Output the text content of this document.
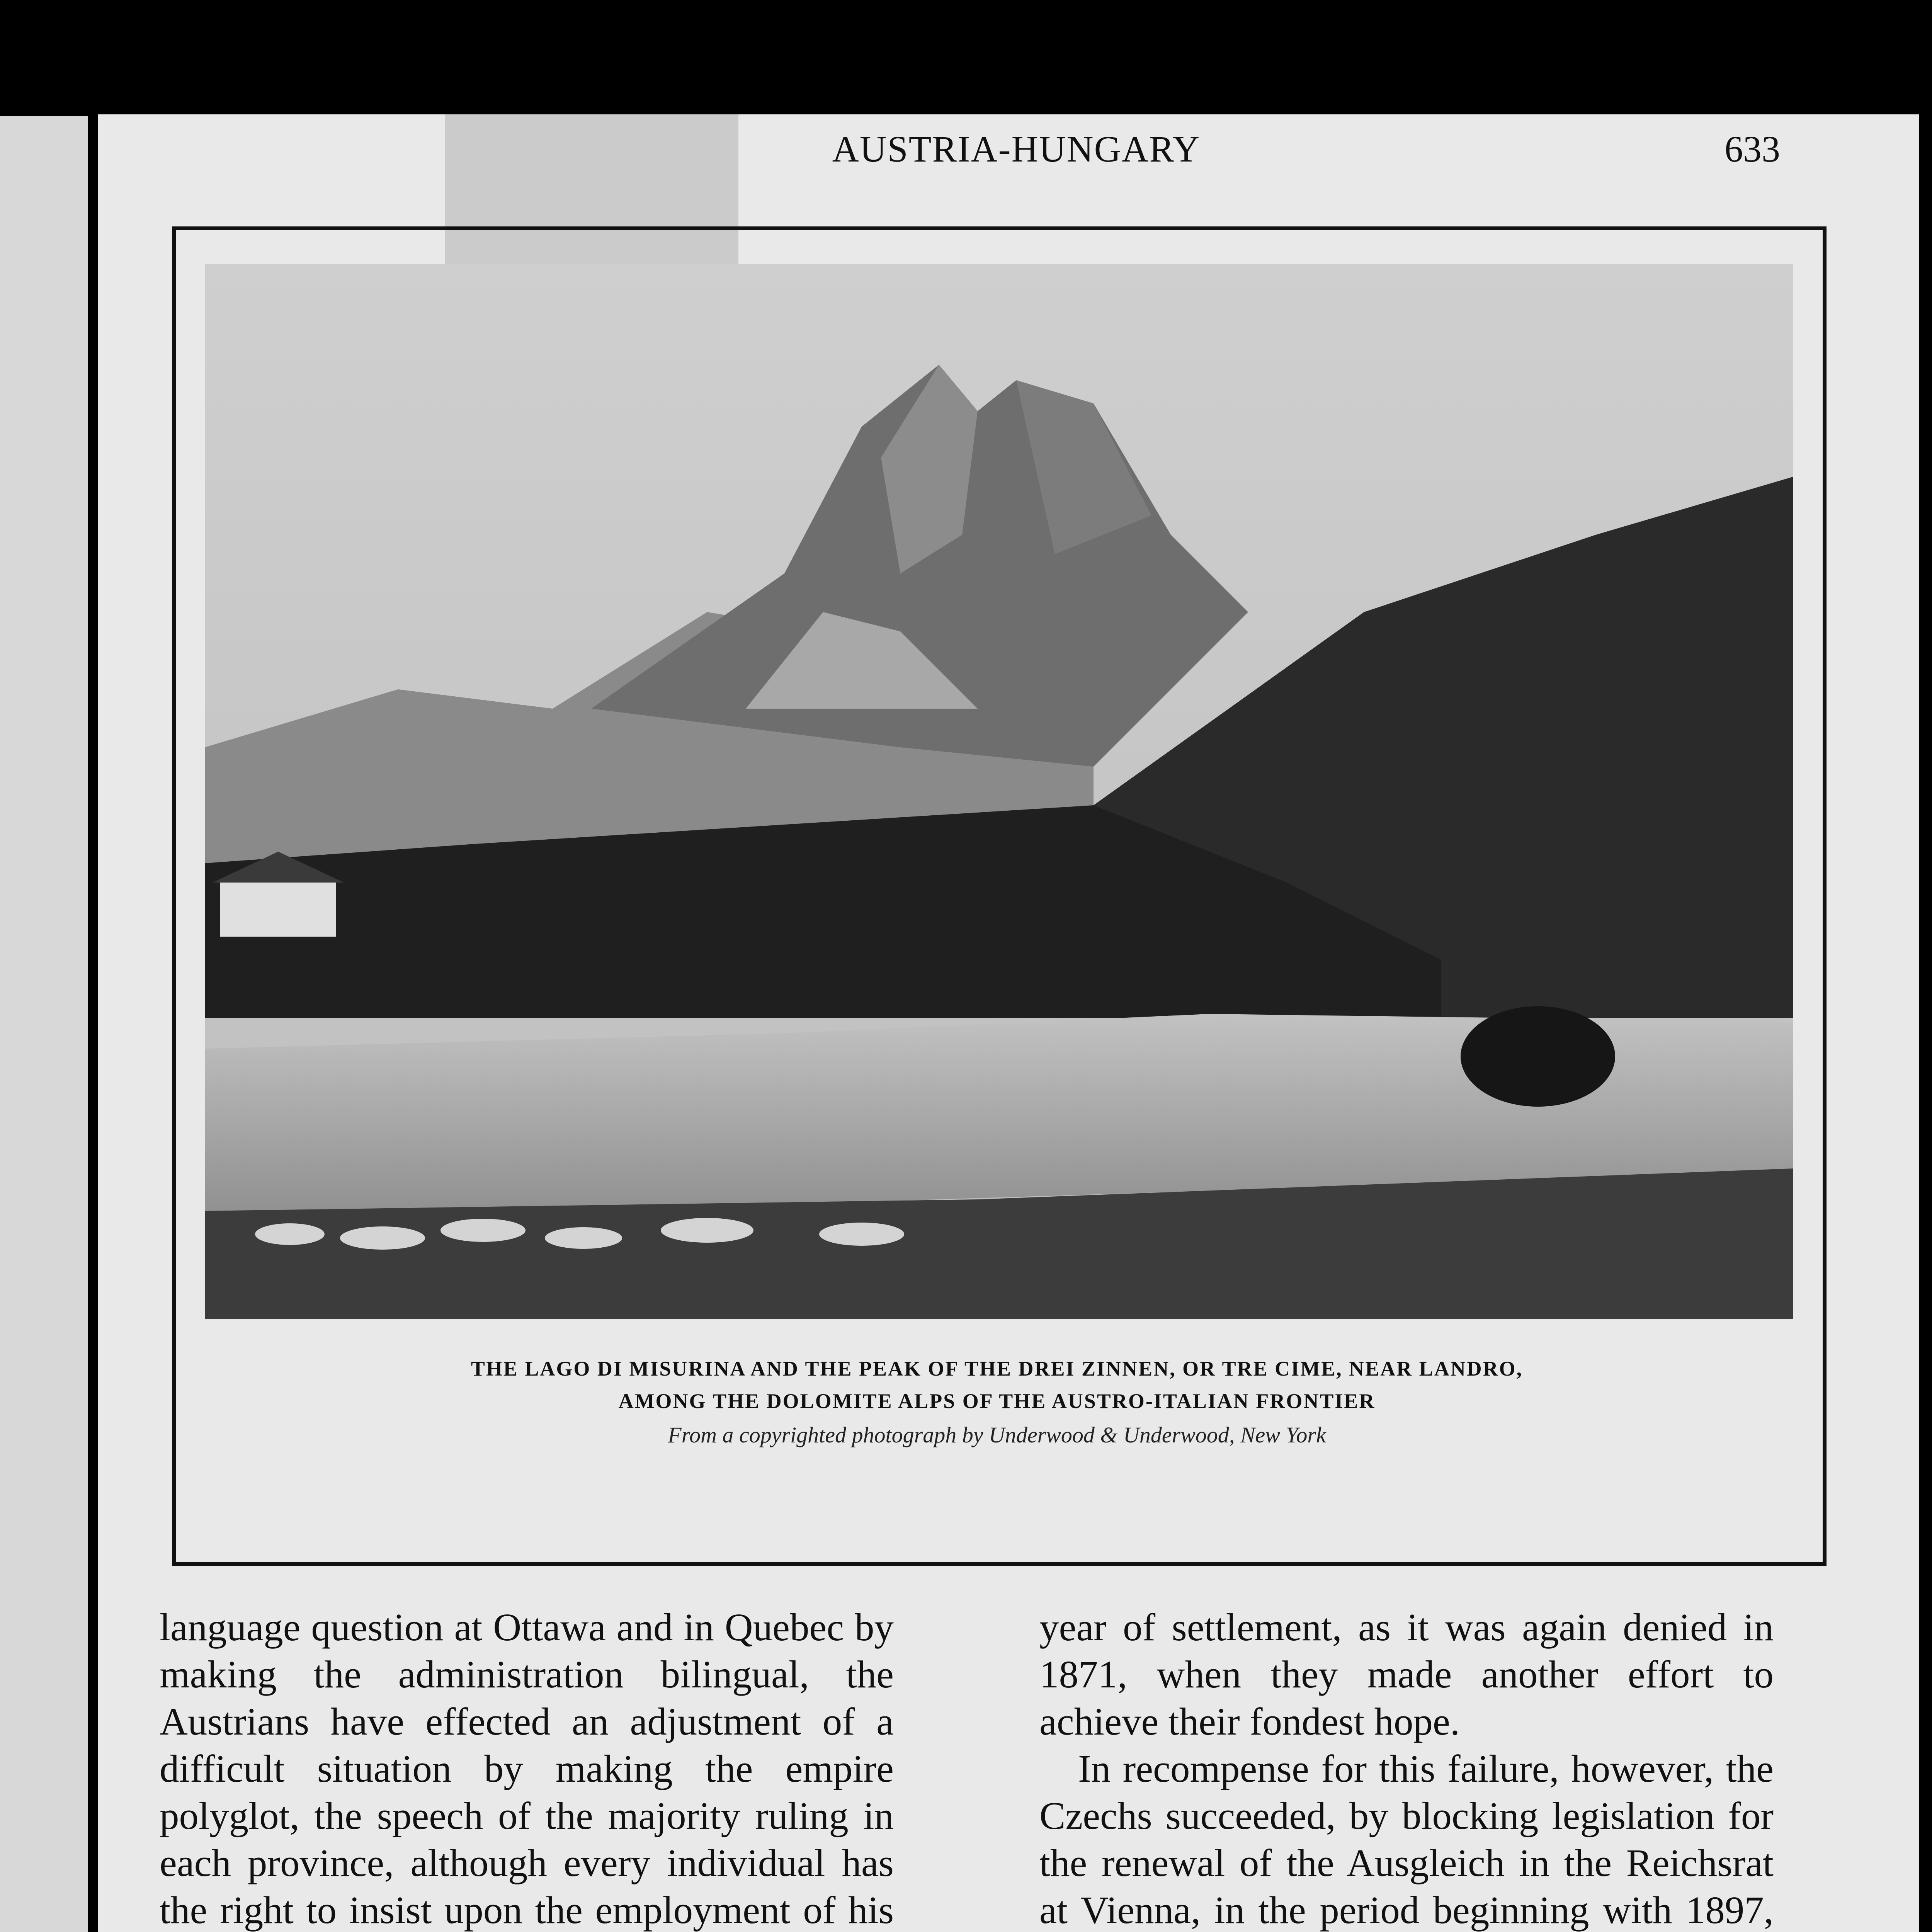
AUSTRIA-HUNGARY	633
THE LAGO DI MISURINA AND THE PEAK OF THE DREI ZINNEN, OR TRE CIME, NEAR LANDRO,
AMONG THE DOLOMITE ALPS OF THE AUSTRO-ITALIAN FRONTIER
From a copyrighted photograph by Underwood & Underwood, New York

language question at Ottawa and in Quebec by making the administration bilingual, the Austrians have effected an adjustment of a difficult situation by making the empire polyglot, the speech of the majority ruling in each province, although every individual has the right to insist upon the employment of his

year of settlement, as it was again denied in 1871, when they made another effort to achieve their fondest hope.

In recompense for this failure, however, the Czechs succeeded, by blocking legislation for the renewal of the Ausgleich in the Reichsrat at Vienna, in the period beginning with 1897,
